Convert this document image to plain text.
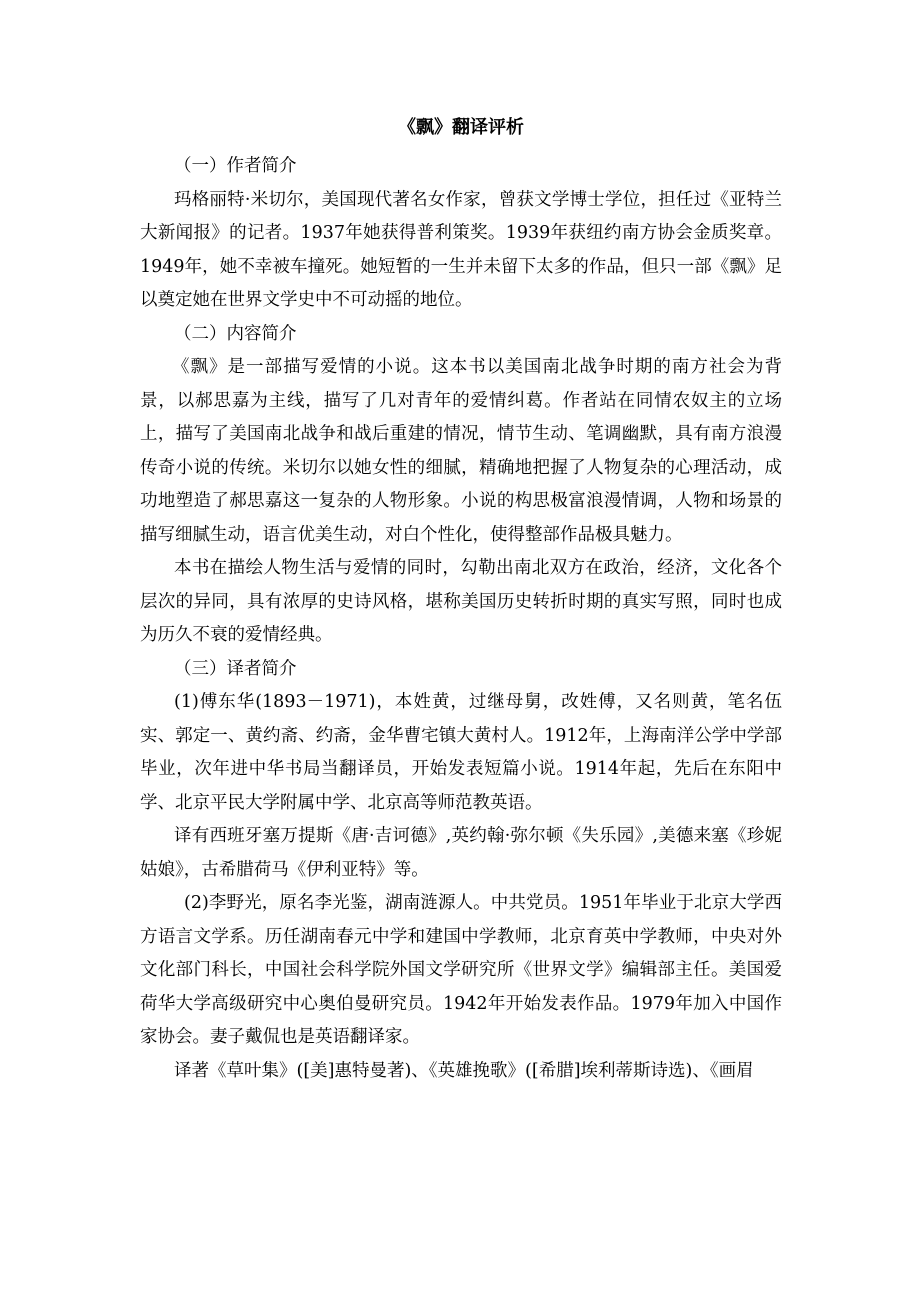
《飘》翻译评析

（一）作者简介

玛格丽特·米切尔，美国现代著名女作家，曾获文学博士学位，担任过《亚特兰大新闻报》的记者。1937年她获得普利策奖。1939年获纽约南方协会金质奖章。1949年，她不幸被车撞死。她短暂的一生并未留下太多的作品，但只一部《飘》足以奠定她在世界文学史中不可动摇的地位。

（二）内容简介

《飘》是一部描写爱情的小说。这本书以美国南北战争时期的南方社会为背景，以郝思嘉为主线，描写了几对青年的爱情纠葛。作者站在同情农奴主的立场上，描写了美国南北战争和战后重建的情况，情节生动、笔调幽默，具有南方浪漫传奇小说的传统。米切尔以她女性的细腻，精确地把握了人物复杂的心理活动，成功地塑造了郝思嘉这一复杂的人物形象。小说的构思极富浪漫情调，人物和场景的描写细腻生动，语言优美生动，对白个性化，使得整部作品极具魅力。

本书在描绘人物生活与爱情的同时，勾勒出南北双方在政治，经济，文化各个层次的异同，具有浓厚的史诗风格，堪称美国历史转折时期的真实写照，同时也成为历久不衰的爱情经典。

（三）译者简介

(1)傅东华(1893－1971)，本姓黄，过继母舅，改姓傅，又名则黄，笔名伍实、郭定一、黄约斋、约斋，金华曹宅镇大黄村人。1912年，上海南洋公学中学部毕业，次年进中华书局当翻译员，开始发表短篇小说。1914年起，先后在东阳中学、北京平民大学附属中学、北京高等师范教英语。

译有西班牙塞万提斯《唐·吉诃德》,英约翰·弥尔顿《失乐园》,美德来塞《珍妮姑娘》，古希腊荷马《伊利亚特》等。

(2)李野光，原名李光鉴，湖南涟源人。中共党员。1951年毕业于北京大学西方语言文学系。历任湖南春元中学和建国中学教师，北京育英中学教师，中央对外文化部门科长，中国社会科学院外国文学研究所《世界文学》编辑部主任。美国爱荷华大学高级研究中心奥伯曼研究员。1942年开始发表作品。1979年加入中国作家协会。妻子戴侃也是英语翻译家。

译著《草叶集》([美]惠特曼著)、《英雄挽歌》([希腊]埃利蒂斯诗选)、《画眉
